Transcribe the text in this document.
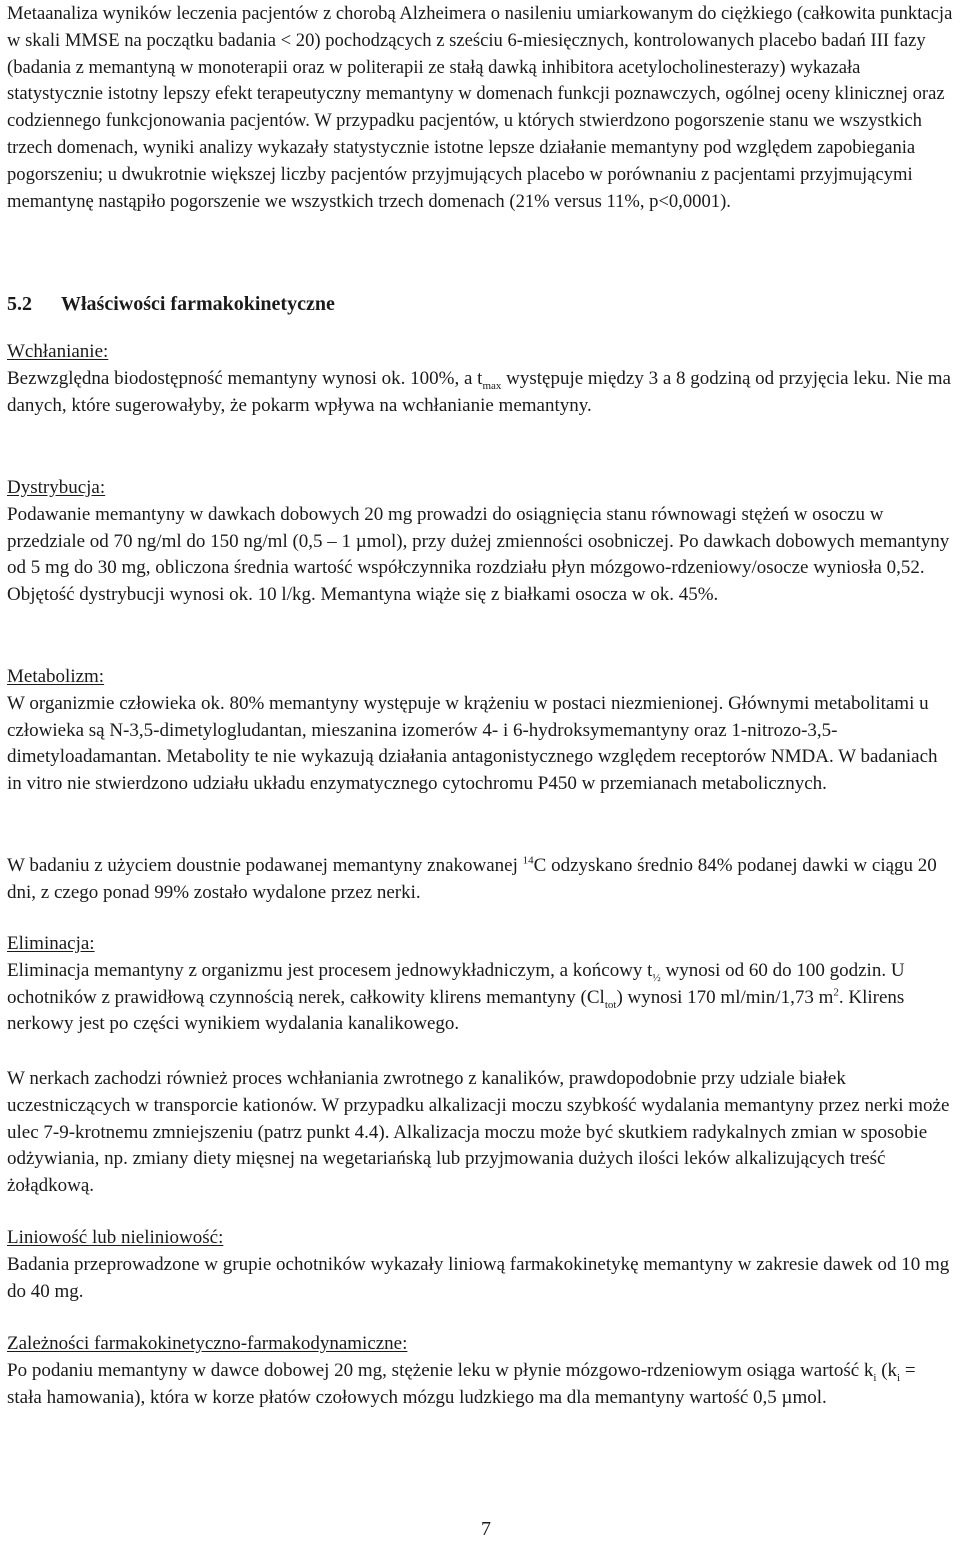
Metaanaliza wyników leczenia pacjentów z chorobą Alzheimera o nasileniu umiarkowanym do ciężkiego (całkowita punktacja w skali MMSE na początku badania < 20) pochodzących z sześciu 6-miesięcznych, kontrolowanych placebo badań III fazy (badania z memantyną w monoterapii oraz w politerapii ze stałą dawką inhibitora acetylocholinesterazy) wykazała statystycznie istotny lepszy efekt terapeutyczny memantyny w domenach funkcji poznawczych, ogólnej oceny klinicznej oraz codziennego funkcjonowania pacjentów. W przypadku pacjentów, u których stwierdzono pogorszenie stanu we wszystkich trzech domenach, wyniki analizy wykazały statystycznie istotne lepsze działanie memantyny pod względem zapobiegania pogorszeniu; u dwukrotnie większej liczby pacjentów przyjmujących placebo w porównaniu z pacjentami przyjmującymi memantynę nastąpiło pogorszenie we wszystkich trzech domenach (21% versus 11%, p<0,0001).

5.2 Właściwości farmakokinetyczne

Wchłanianie:

Bezwzględna biodostępność memantyny wynosi ok. 100%, a $t_{max}$ występuje między 3 a 8 godziną od przyjęcia leku. Nie ma danych, które sugerowałyby, że pokarm wpływa na wchłanianie memantyny.

Dystrybucja:

Podawanie memantyny w dawkach dobowych 20 mg prowadzi do osiągnięcia stanu równowagi stężeń w osoczu w przedziale od 70 ng/ml do 150 ng/ml (0,5 – 1 µmol), przy dużej zmienności osobniczej. Po dawkach dobowych memantyny od 5 mg do 30 mg, obliczona średnia wartość współczynnika rozdziału płyn mózgowo-rdzeniowy/osocze wyniosła 0,52. Objętość dystrybucji wynosi ok. 10 l/kg. Memantyna wiąże się z białkami osocza w ok. 45%.

Metabolizm:

W organizmie człowieka ok. 80% memantyny występuje w krążeniu w postaci niezmienionej. Głównymi metabolitami u człowieka są N-3,5-dimetylogludantan, mieszanina izomerów 4- i 6-hydroksymemantyny oraz 1-nitrozo-3,5-dimetyloadamantan. Metabolity te nie wykazują działania antagonistycznego względem receptorów NMDA. W badaniach in vitro nie stwierdzono udziału układu enzymatycznego cytochromu P450 w przemianach metabolicznych.

W badaniu z użyciem doustnie podawanej memantyny znakowanej $^{14}$C odzyskano średnio 84% podanej dawki w ciągu 20 dni, z czego ponad 99% zostało wydalone przez nerki.

Eliminacja:

Eliminacja memantyny z organizmu jest procesem jednowykładniczym, a końcowy $t_{\frac{1}{2}}$ wynosi od 60 do 100 godzin. U ochotników z prawidłową czynnością nerek, całkowity klirens memantyny $(Cl_{tot})$ wynosi 170 ml/min/1,73 $m^2$. Klirens nerkowy jest po części wynikiem wydalania kanalikowego.

W nerkach zachodzi również proces wchłaniania zwrotnego z kanalików, prawdopodobnie przy udziale białek uczestniczących w transporcie kationów. W przypadku alkalizacji moczu szybkość wydalania memantyny przez nerki może ulec 7-9-krotnemu zmniejszeniu (patrz punkt 4.4). Alkalizacja moczu może być skutkiem radykalnych zmian w sposobie odżywiania, np. zmiany diety mięsnej na wegetariańską lub przyjmowania dużych ilości leków alkalizujących treść żołądkową.

Liniowość lub nieliniowość:

Badania przeprowadzone w grupie ochotników wykazały liniową farmakokinetykę memantyny w zakresie dawek od 10 mg do 40 mg.

Zależności farmakokinetyczno-farmakodynamiczne:

Po podaniu memantyny w dawce dobowej 20 mg, stężenie leku w płynie mózgowo-rdzeniowym osiąga wartość $k_i$ ($k_i$ = stała hamowania), która w korze płatów czołowych mózgu ludzkiego ma dla memantyny wartość 0,5 µmol.

7
